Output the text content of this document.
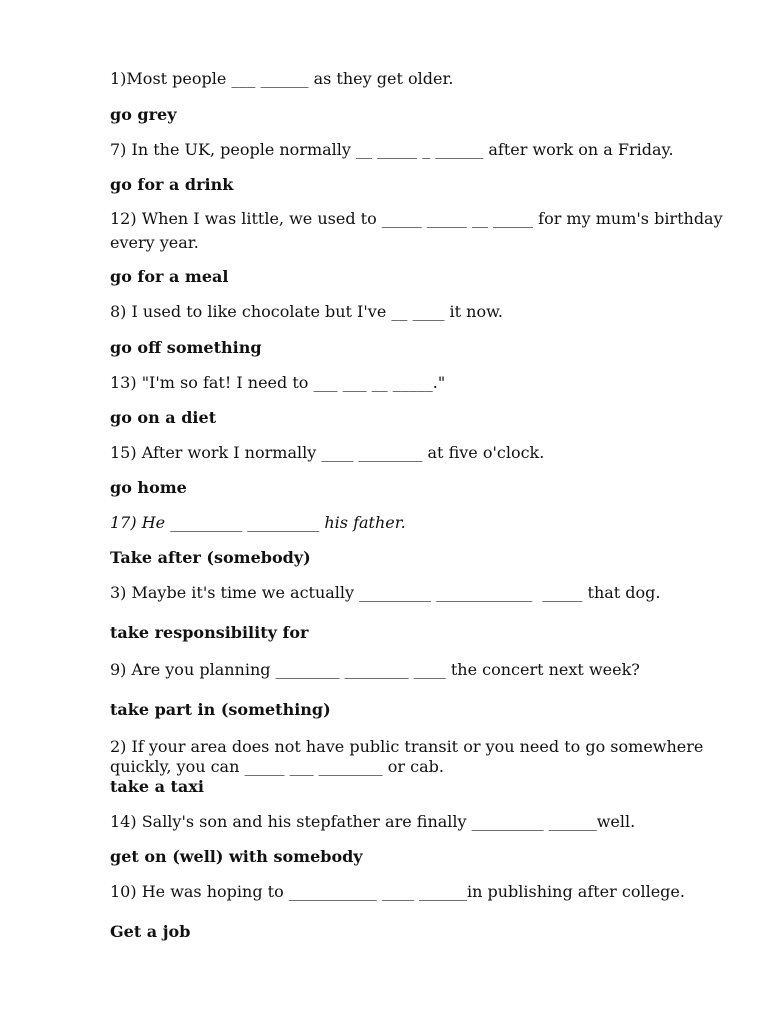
1)Most people ___ ______ as they get older.
go grey
7) In the UK, people normally __ _____ _ ______ after work on a Friday.
go for a drink
12) When I was little, we used to _____ _____ __ _____ for my mum's birthday
every year.
go for a meal
8) I used to like chocolate but I've __ ____ it now.
go off something
13) "I'm so fat! I need to ___ ___ __ _____."
go on a diet
15) After work I normally ____ ________ at five o'clock.
go home
17) He _________ _________ his father.
Take after (somebody)
3) Maybe it's time we actually _________ ____________  _____ that dog.
take responsibility for
9) Are you planning ________ ________ ____ the concert next week?
take part in (something)
2) If your area does not have public transit or you need to go somewhere
quickly, you can _____ ___ ________ or cab.
take a taxi
14) Sally's son and his stepfather are finally _________ ______well.
get on (well) with somebody
10) He was hoping to ___________ ____ ______in publishing after college.
Get a job
